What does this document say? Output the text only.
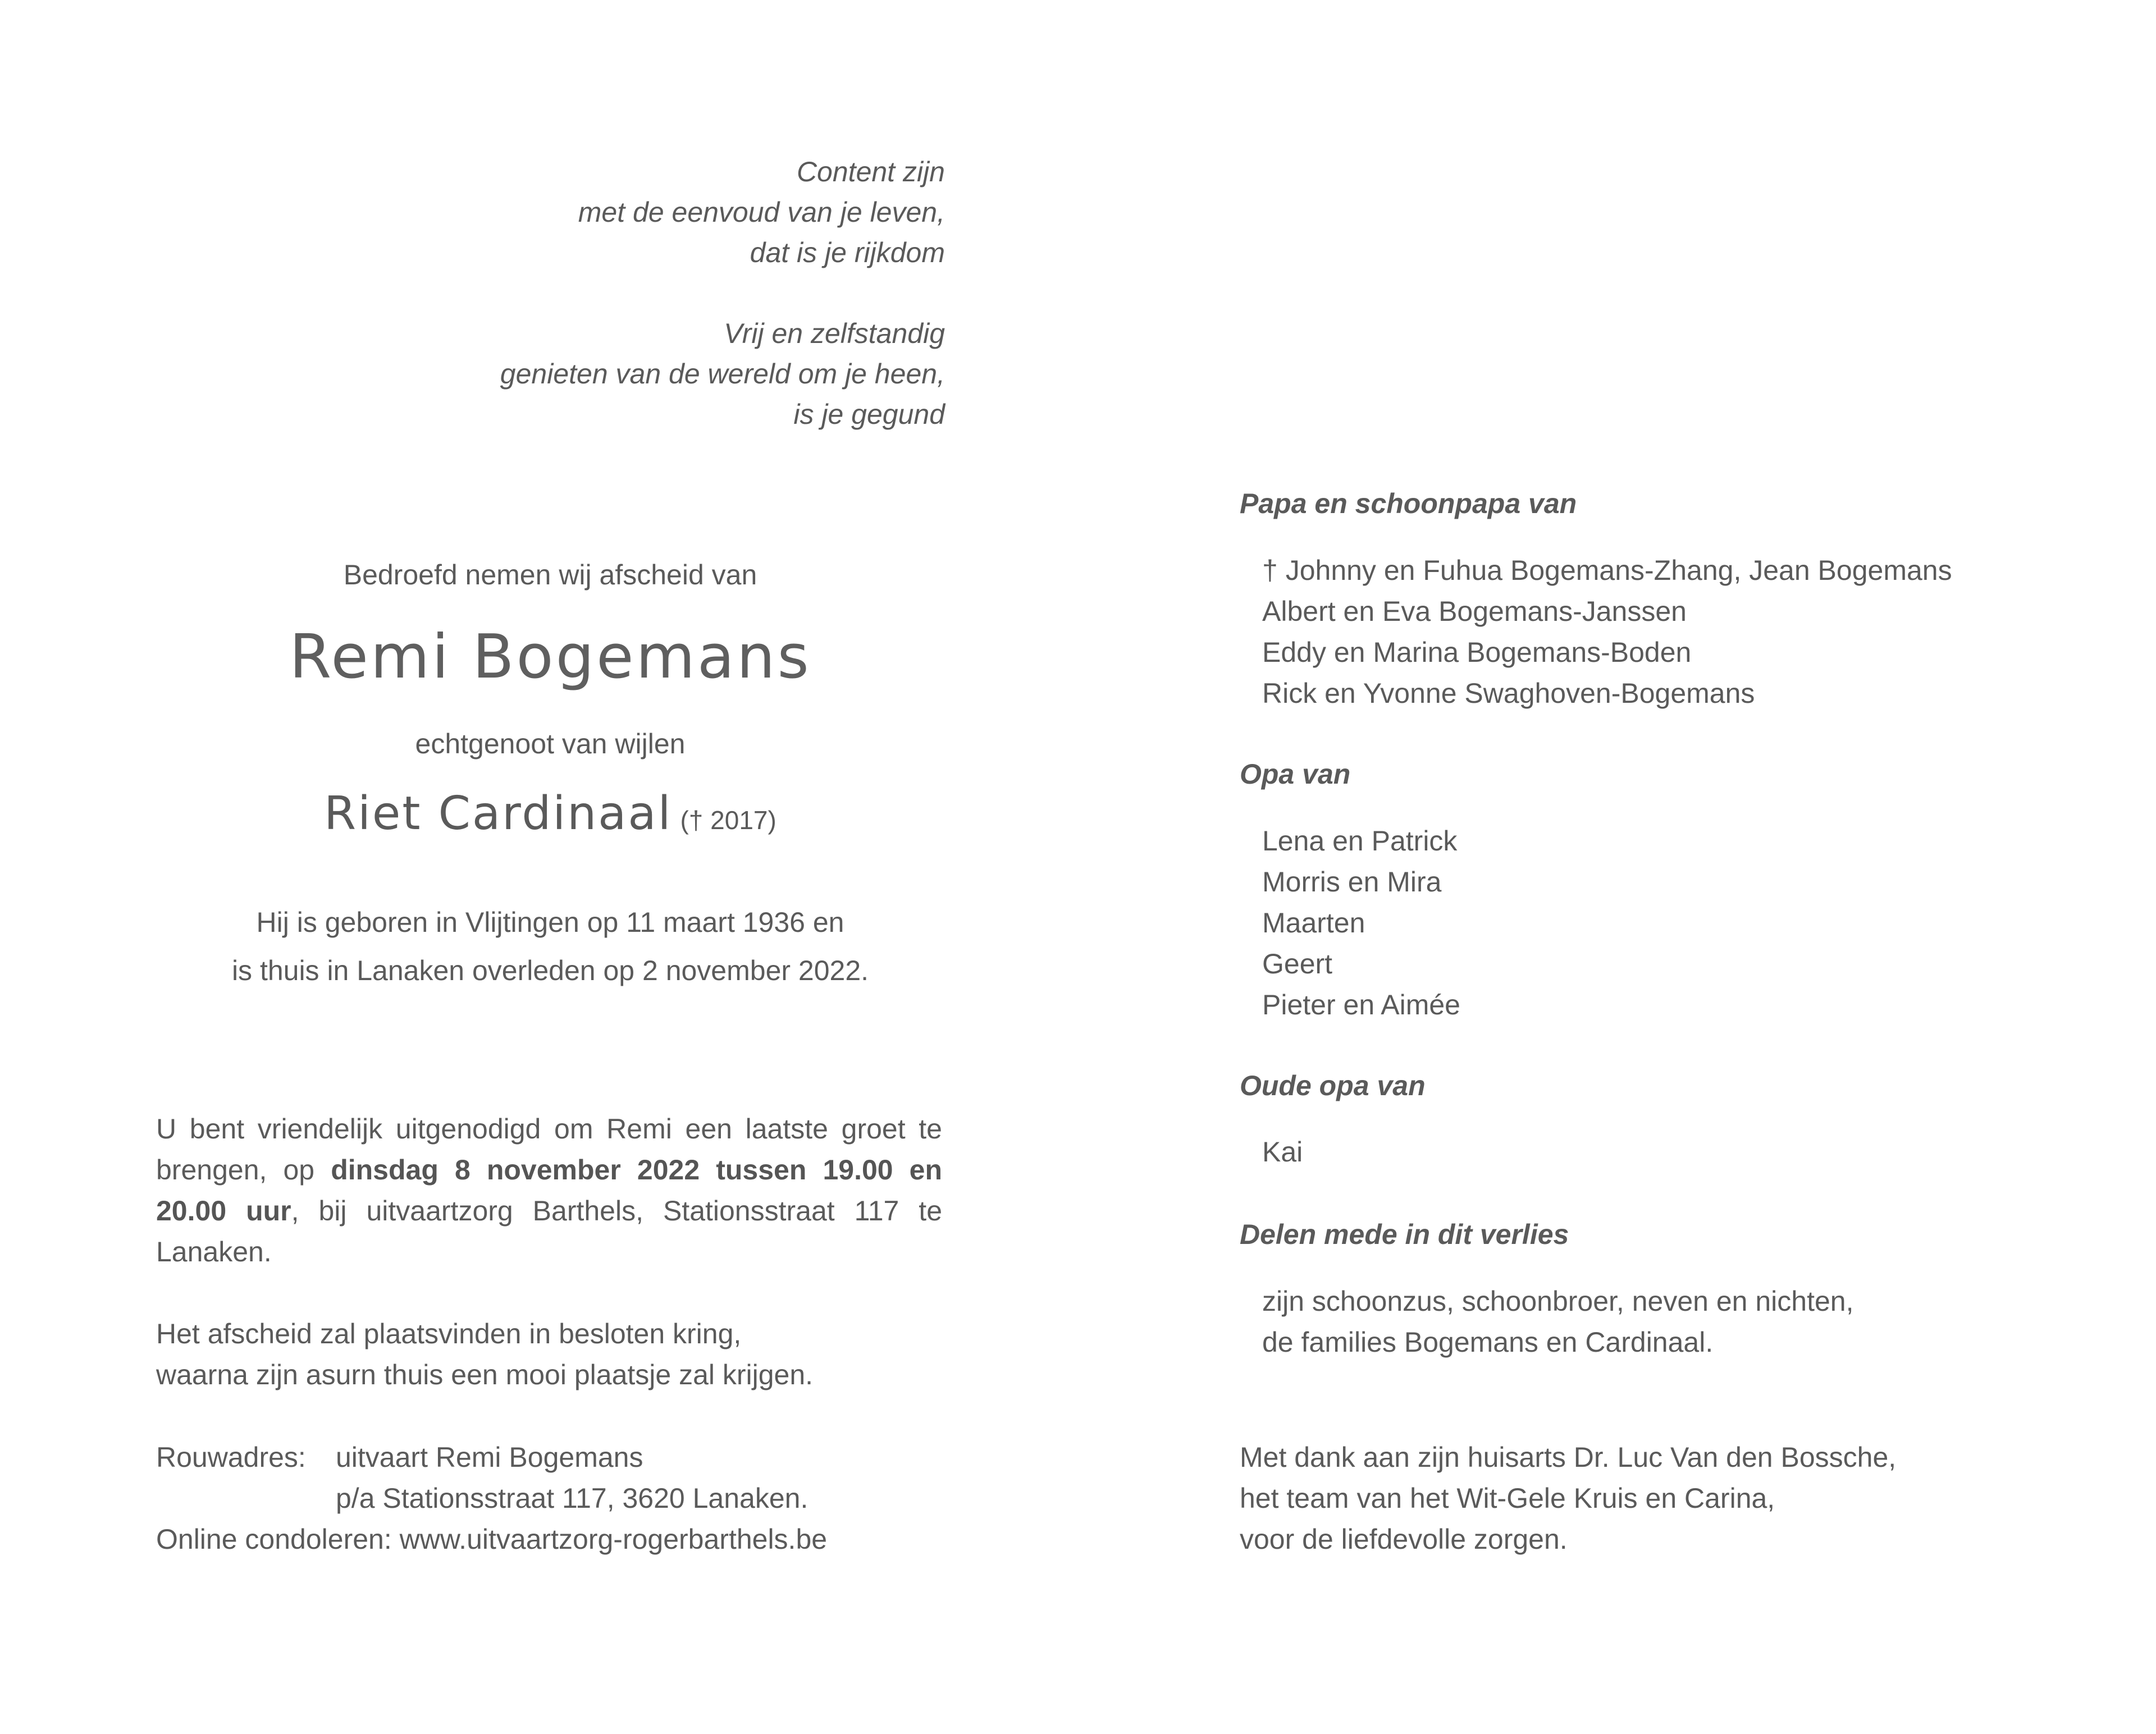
Content zijn
met de eenvoud van je leven,
dat is je rijkdom
Vrij en zelfstandig
genieten van de wereld om je heen,
is je gegund
Bedroefd nemen wij afscheid van
Remi Bogemans
echtgenoot van wijlen
Riet Cardinaal († 2017)
Hij is geboren in Vlijtingen op 11 maart 1936 en
is thuis in Lanaken overleden op 2 november 2022.
U bent vriendelijk uitgenodigd om Remi een laatste groet te brengen, op dinsdag 8 november 2022 tussen 19.00 en 20.00 uur, bij uitvaartzorg Barthels, Stationsstraat 117 te Lanaken.
Het afscheid zal plaatsvinden in besloten kring,
waarna zijn asurn thuis een mooi plaatsje zal krijgen.
Rouwadres:	uitvaart Remi Bogemans
p/a Stationsstraat 117, 3620 Lanaken.
Online condoleren: www.uitvaartzorg-rogerbarthels.be
Papa en schoonpapa van
† Johnny en Fuhua Bogemans-Zhang, Jean Bogemans
Albert en Eva Bogemans-Janssen
Eddy en Marina Bogemans-Boden
Rick en Yvonne Swaghoven-Bogemans
Opa van
Lena en Patrick
Morris en Mira
Maarten
Geert
Pieter en Aimée
Oude opa van
Kai
Delen mede in dit verlies
zijn schoonzus, schoonbroer, neven en nichten,
de families Bogemans en Cardinaal.
Met dank aan zijn huisarts Dr. Luc Van den Bossche,
het team van het Wit-Gele Kruis en Carina,
voor de liefdevolle zorgen.
